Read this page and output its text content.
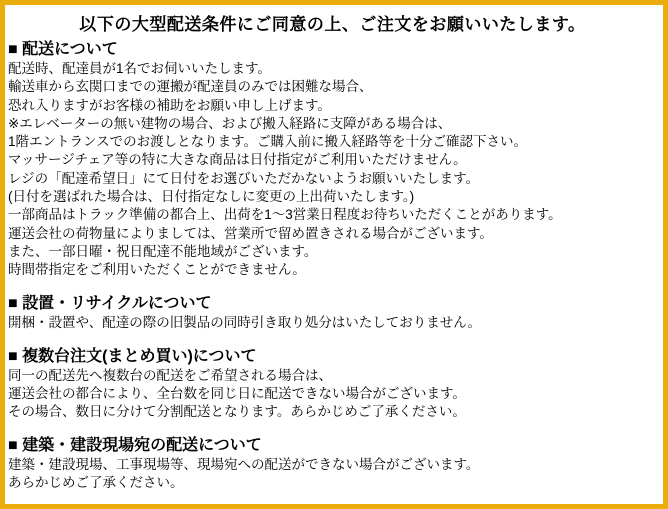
以下の大型配送条件にご同意の上、ご注文をお願いいたします。
■ 配送について

配送時、配達員が1名でお伺いいたします。

輸送車から玄関口までの運搬が配達員のみでは困難な場合、

恐れ入りますがお客様の補助をお願い申し上げます。

※エレベーターの無い建物の場合、および搬入経路に支障がある場合は、

1階エントランスでのお渡しとなります。ご購入前に搬入経路等を十分ご確認下さい。

マッサージチェア等の特に大きな商品は日付指定がご利用いただけません。

レジの「配達希望日」にて日付をお選びいただかないようお願いいたします。

(日付を選ばれた場合は、日付指定なしに変更の上出荷いたします。)

一部商品はトラック準備の都合上、出荷を1〜3営業日程度お待ちいただくことがあります。

運送会社の荷物量によりましては、営業所で留め置きされる場合がございます。

また、一部日曜・祝日配達不能地域がございます。

時間帯指定をご利用いただくことができません。

■ 設置・リサイクルについて

開梱・設置や、配達の際の旧製品の同時引き取り処分はいたしておりません。

■ 複数台注文(まとめ買い)について

同一の配送先へ複数台の配送をご希望される場合は、

運送会社の都合により、全台数を同じ日に配送できない場合がございます。

その場合、数日に分けて分割配送となります。あらかじめご了承ください。

■ 建築・建設現場宛の配送について

建築・建設現場、工事現場等、現場宛への配送ができない場合がございます。

あらかじめご了承ください。
